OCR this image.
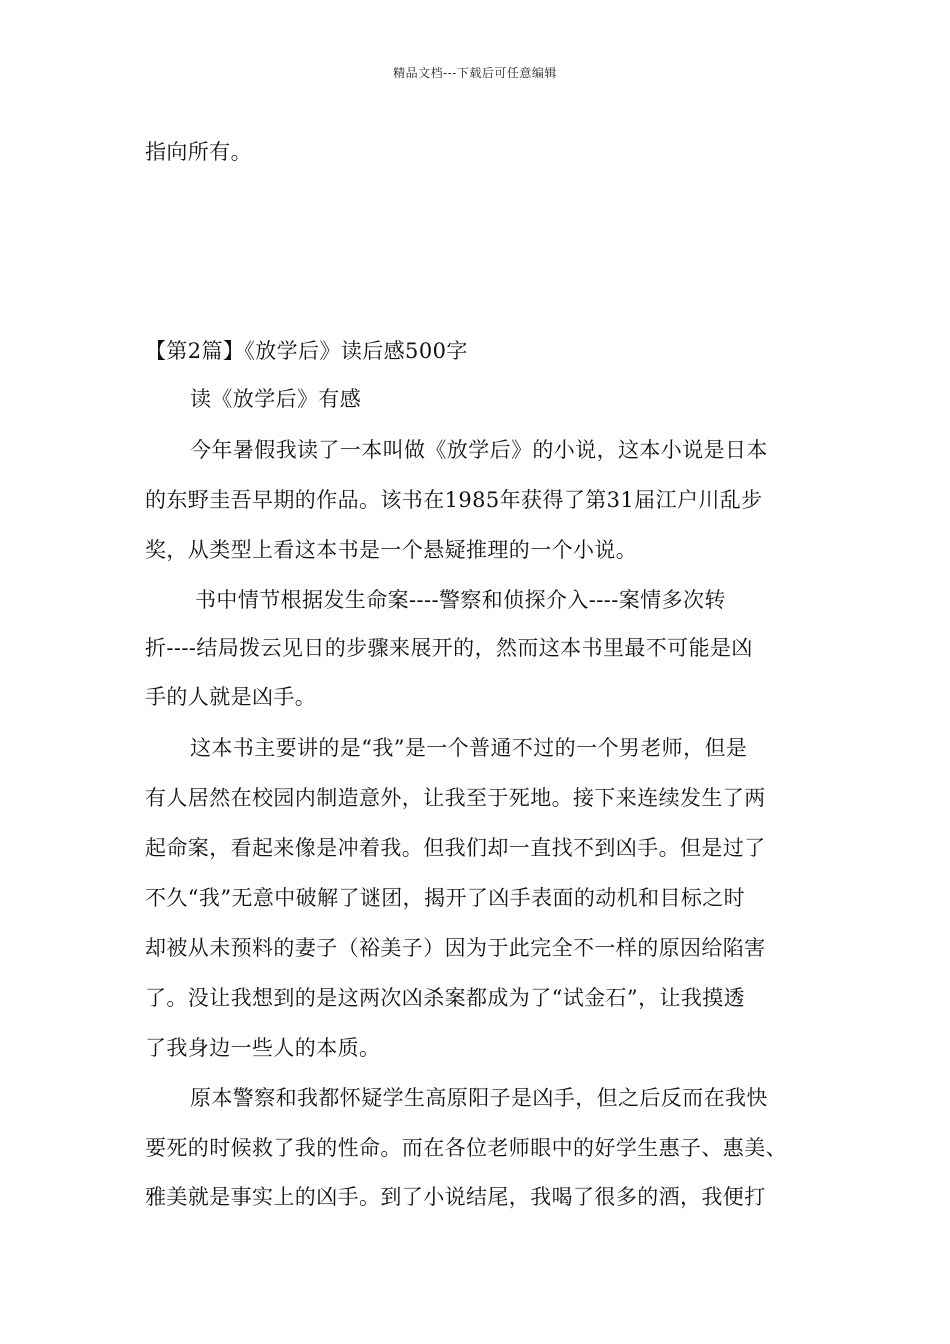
精品文档---下载后可任意编辑
指向所有。
【第2篇】《放学后》读后感500字
读《放学后》有感
今年暑假我读了一本叫做《放学后》的小说，这本小说是日本
的东野圭吾早期的作品。该书在1985年获得了第31届江户川乱步
奖，从类型上看这本书是一个悬疑推理的一个小说。
书中情节根据发生命案----警察和侦探介入----案情多次转
折----结局拨云见日的步骤来展开的，然而这本书里最不可能是凶
手的人就是凶手。
这本书主要讲的是“我”是一个普通不过的一个男老师，但是
有人居然在校园内制造意外，让我至于死地。接下来连续发生了两
起命案，看起来像是冲着我。但我们却一直找不到凶手。但是过了
不久“我”无意中破解了谜团，揭开了凶手表面的动机和目标之时
却被从未预料的妻子（裕美子）因为于此完全不一样的原因给陷害
了。没让我想到的是这两次凶杀案都成为了“试金石”，让我摸透
了我身边一些人的本质。
原本警察和我都怀疑学生高原阳子是凶手，但之后反而在我快
要死的时候救了我的性命。而在各位老师眼中的好学生惠子、惠美、
雅美就是事实上的凶手。到了小说结尾，我喝了很多的酒，我便打
